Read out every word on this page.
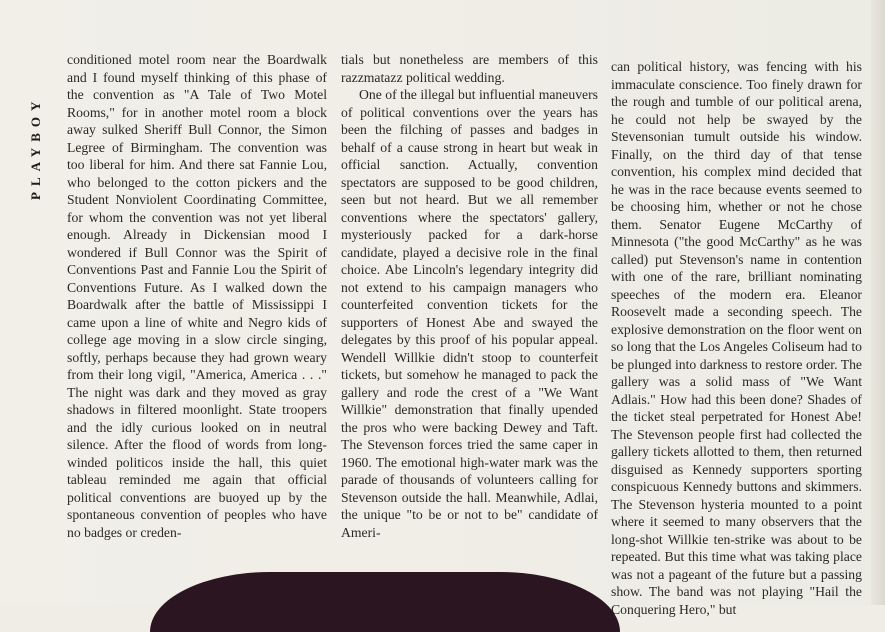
PLAYBOY

conditioned motel room near the Boardwalk and I found myself thinking of this phase of the convention as "A Tale of Two Motel Rooms," for in another motel room a block away sulked Sheriff Bull Connor, the Simon Legree of Birmingham. The convention was too liberal for him. And there sat Fannie Lou, who belonged to the cotton pickers and the Student Nonviolent Coordinating Committee, for whom the convention was not yet liberal enough. Already in Dickensian mood I wondered if Bull Connor was the Spirit of Conventions Past and Fannie Lou the Spirit of Conventions Future. As I walked down the Boardwalk after the battle of Mississippi I came upon a line of white and Negro kids of college age moving in a slow circle singing, softly, perhaps because they had grown weary from their long vigil, "America, America . . ." The night was dark and they moved as gray shadows in filtered moonlight. State troopers and the idly curious looked on in neutral silence. After the flood of words from long-winded politicos inside the hall, this quiet tableau reminded me again that official political conventions are buoyed up by the spontaneous convention of peoples who have no badges or creden-

tials but nonetheless are members of this razzmatazz political wedding.

One of the illegal but influential maneuvers of political conventions over the years has been the filching of passes and badges in behalf of a cause strong in heart but weak in official sanction. Actually, convention spectators are supposed to be good children, seen but not heard. But we all remember conventions where the spectators' gallery, mysteriously packed for a dark-horse candidate, played a decisive role in the final choice. Abe Lincoln's legendary integrity did not extend to his campaign managers who counterfeited convention tickets for the supporters of Honest Abe and swayed the delegates by this proof of his popular appeal. Wendell Willkie didn't stoop to counterfeit tickets, but somehow he managed to pack the gallery and rode the crest of a "We Want Willkie" demonstration that finally upended the pros who were backing Dewey and Taft. The Stevenson forces tried the same caper in 1960. The emotional high-water mark was the parade of thousands of volunteers calling for Stevenson outside the hall. Meanwhile, Adlai, the unique "to be or not to be" candidate of Ameri-

can political history, was fencing with his immaculate conscience. Too finely drawn for the rough and tumble of our political arena, he could not help be swayed by the Stevensonian tumult outside his window. Finally, on the third day of that tense convention, his complex mind decided that he was in the race because events seemed to be choosing him, whether or not he chose them. Senator Eugene McCarthy of Minnesota ("the good McCarthy" as he was called) put Stevenson's name in contention with one of the rare, brilliant nominating speeches of the modern era. Eleanor Roosevelt made a seconding speech. The explosive demonstration on the floor went on so long that the Los Angeles Coliseum had to be plunged into darkness to restore order. The gallery was a solid mass of "We Want Adlais." How had this been done? Shades of the ticket steal perpetrated for Honest Abe! The Stevenson people first had collected the gallery tickets allotted to them, then returned disguised as Kennedy supporters sporting conspicuous Kennedy buttons and skimmers. The Stevenson hysteria mounted to a point where it seemed to many observers that the long-shot Willkie ten-strike was about to be repeated. But this time what was taking place was not a pageant of the future but a passing show. The band was not playing "Hail the Conquering Hero," but
